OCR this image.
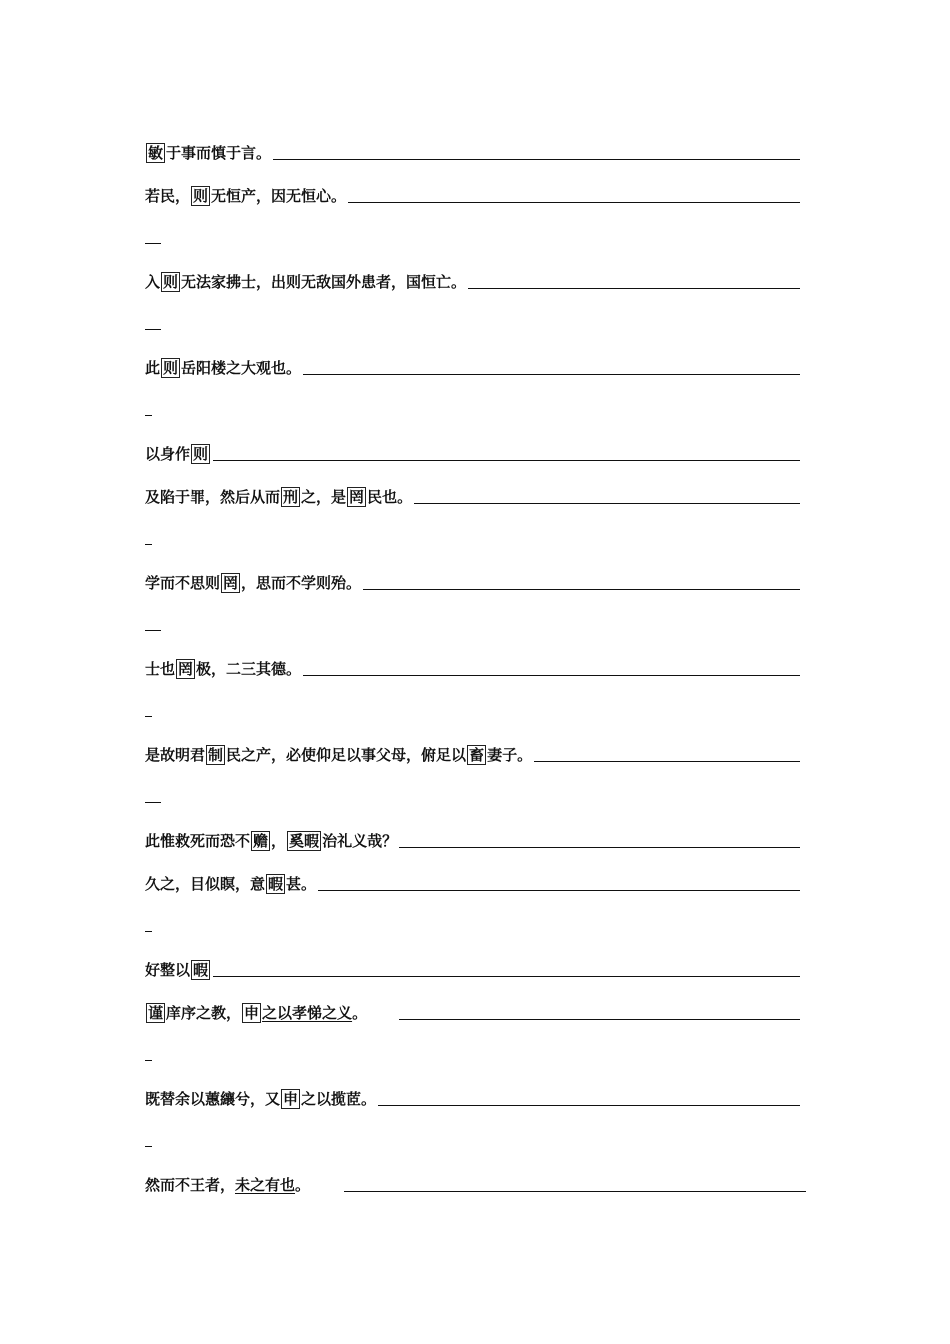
敏 于事而慎于言。
若民， 则 无恒产，因无恒心。
入 则 无法家拂士，出则无敌国外患者，国恒亡。
此 则 岳阳楼之大观也。
以身作 则
及陷于罪，然后从而 刑 之，是 罔 民也。
学而不思则 罔 ，思而不学则殆。
士也 罔 极，二三其德。
是故明君 制 民之产，必使仰足以事父母，俯足以 畜 妻子。
此惟救死而恐不 赡 ， 奚暇 治礼义哉？
久之，目似瞑，意 暇 甚。
好整以 暇
谨 庠序之教， 申 之以孝悌之义。
既替余以蕙纕兮，又 申 之以揽茝。
然而不王者，未之有也。
